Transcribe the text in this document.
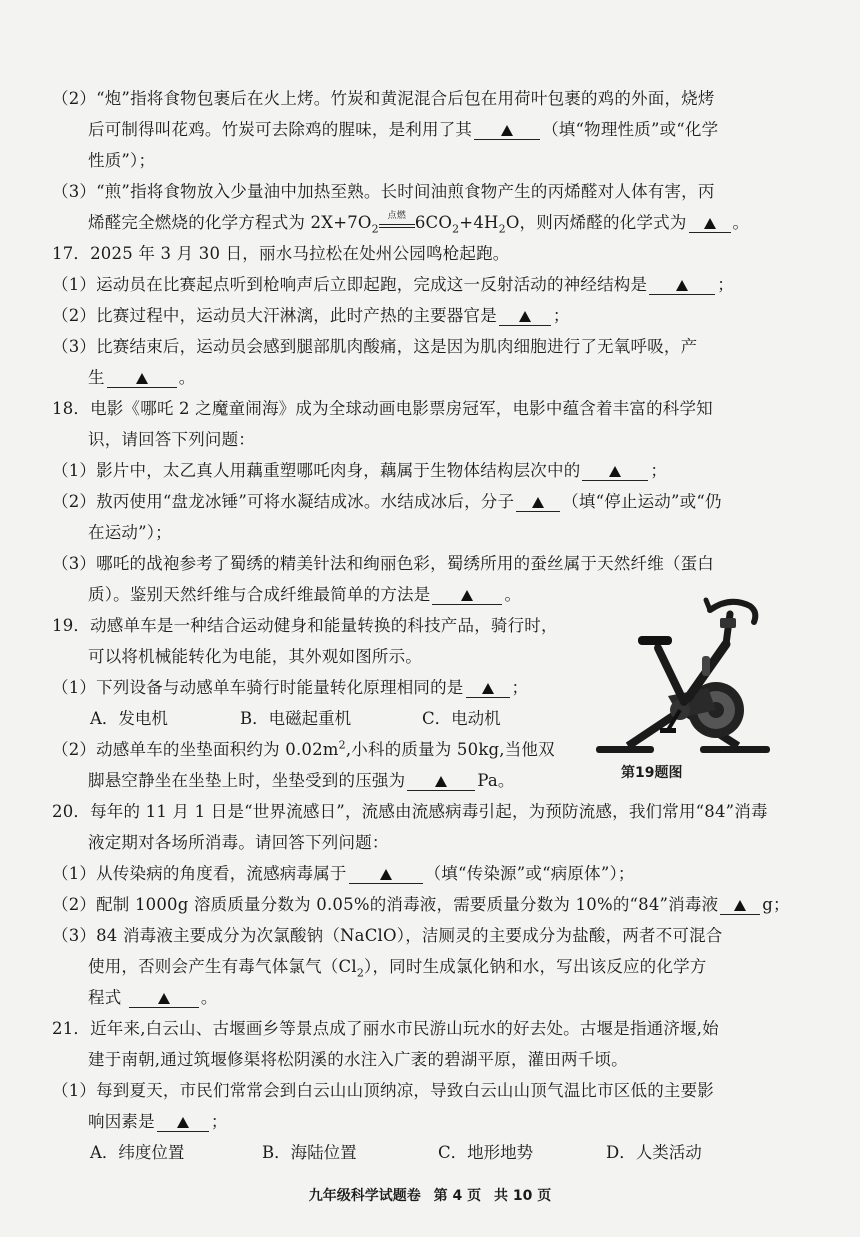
（2）“炮”指将食物包裹后在火上烤。竹炭和黄泥混合后包在用荷叶包裹的鸡的外面，烧烤
后可制得叫花鸡。竹炭可去除鸡的腥味，是利用了其	（填“物理性质”或“化学
性质”）；
（3）“煎”指将食物放入少量油中加热至熟。长时间油煎食物产生的丙烯醛对人体有害，丙
烯醛完全燃烧的化学方程式为 $2X+7O_2$
点燃 $6CO_2+4H_2O$，则丙烯醛的化学式为	。
17．2025 年 3 月 30 日，丽水马拉松在处州公园鸣枪起跑。
（1）运动员在比赛起点听到枪响声后立即起跑，完成这一反射活动的神经结构是	；
（2）比赛过程中，运动员大汗淋漓，此时产热的主要器官是	；
（3）比赛结束后，运动员会感到腿部肌肉酸痛，这是因为肌肉细胞进行了无氧呼吸，产
生	。
18．电影《哪吒 2 之魔童闹海》成为全球动画电影票房冠军，电影中蕴含着丰富的科学知
识，请回答下列问题：
（1）影片中，太乙真人用藕重塑哪吒肉身，藕属于生物体结构层次中的	；
（2）敖丙使用“盘龙冰锤”可将水凝结成冰。水结成冰后，分子	（填“停止运动”或“仍
在运动”）；
（3）哪吒的战袍参考了蜀绣的精美针法和绚丽色彩，蜀绣所用的蚕丝属于天然纤维（蛋白
质）。鉴别天然纤维与合成纤维最简单的方法是	。
19．动感单车是一种结合运动健身和能量转换的科技产品，骑行时，
可以将机械能转化为电能，其外观如图所示。
（1）下列设备与动感单车骑行时能量转化原理相同的是	；
A．发电机	B．电磁起重机	C．电动机
（2）动感单车的坐垫面积约为 $0.02m^2$,小科的质量为 50kg,当他双
脚悬空静坐在坐垫上时，坐垫受到的压强为	Pa。	第19题图
20．每年的 11 月 1 日是“世界流感日”，流感由流感病毒引起，为预防流感，我们常用“84”消毒
液定期对各场所消毒。请回答下列问题：
（1）从传染病的角度看，流感病毒属于	（填“传染源”或“病原体”）；
（2）配制 1000g 溶质质量分数为 0.05%的消毒液，需要质量分数为 10%的“84”消毒液	g；
（3）84 消毒液主要成分为次氯酸钠（NaClO），洁厕灵的主要成分为盐酸，两者不可混合
使用，否则会产生有毒气体氯气$(Cl_2)$，同时生成氯化钠和水，写出该反应的化学方
程式	。
21．近年来,白云山、古堰画乡等景点成了丽水市民游山玩水的好去处。古堰是指通济堰,始
建于南朝,通过筑堰修渠将松阴溪的水注入广袤的碧湖平原，灌田两千顷。
（1）每到夏天，市民们常常会到白云山山顶纳凉，导致白云山山顶气温比市区低的主要影
响因素是	；
A．纬度位置	B．海陆位置	C．地形地势	D．人类活动
九年级科学试题卷 第 4 页 共 10 页
